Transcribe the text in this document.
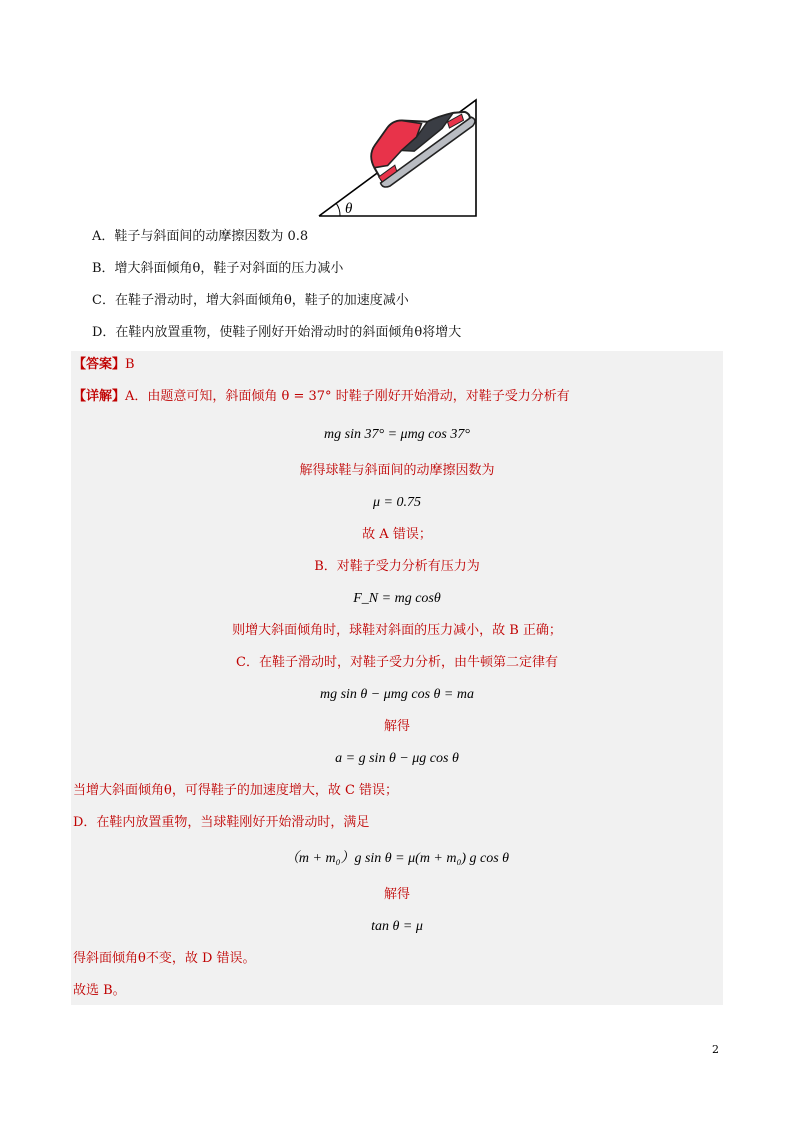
θ
A．鞋子与斜面间的动摩擦因数为 0.8
B．增大斜面倾角θ，鞋子对斜面的压力减小
C．在鞋子滑动时，增大斜面倾角θ，鞋子的加速度减小
D．在鞋内放置重物，使鞋子刚好开始滑动时的斜面倾角θ将增大
【答案】B
【详解】A．由题意可知，斜面倾角 θ = 37° 时鞋子刚好开始滑动，对鞋子受力分析有
mg sin 37° = μmg cos 37°
解得球鞋与斜面间的动摩擦因数为
μ = 0.75
故 A 错误；
B．对鞋子受力分析有压力为
F_N = mg cosθ
则增大斜面倾角时，球鞋对斜面的压力减小，故 B 正确；
C．在鞋子滑动时，对鞋子受力分析，由牛顿第二定律有
mg sin θ − μmg cos θ = ma
解得
a = g sin θ − μg cos θ
当增大斜面倾角θ，可得鞋子的加速度增大，故 C 错误；
D．在鞋内放置重物，当球鞋刚好开始滑动时，满足
（m + m₀）g sin θ = μ(m + m₀) g cos θ
解得
tan θ = μ
得斜面倾角θ不变，故 D 错误。
故选 B。
2
